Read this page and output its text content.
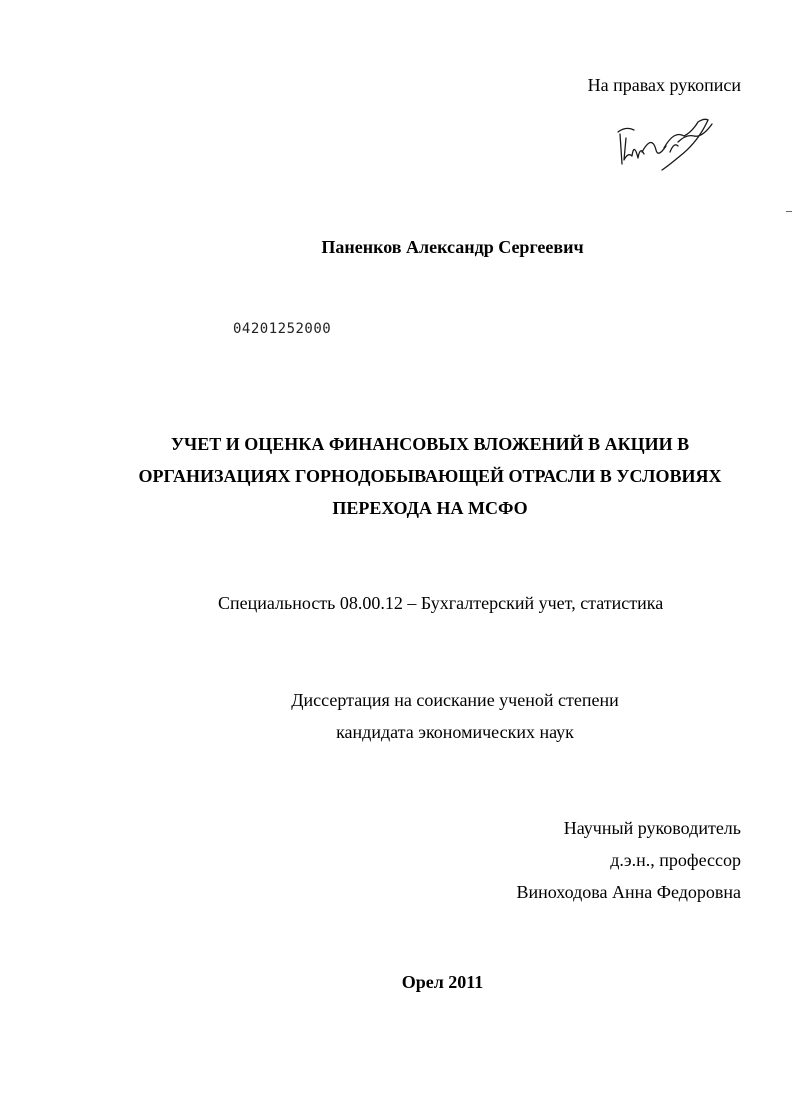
На правах рукописи
Паненков Александр Сергеевич
04201252000
УЧЕТ И ОЦЕНКА ФИНАНСОВЫХ ВЛОЖЕНИЙ В АКЦИИ В
ОРГАНИЗАЦИЯХ ГОРНОДОБЫВАЮЩЕЙ ОТРАСЛИ В УСЛОВИЯХ
ПЕРЕХОДА НА МСФО
Специальность 08.00.12 – Бухгалтерский учет, статистика
Диссертация на соискание ученой степени
кандидата экономических наук
Научный руководитель
д.э.н., профессор
Виноходова Анна Федоровна
Орел 2011
